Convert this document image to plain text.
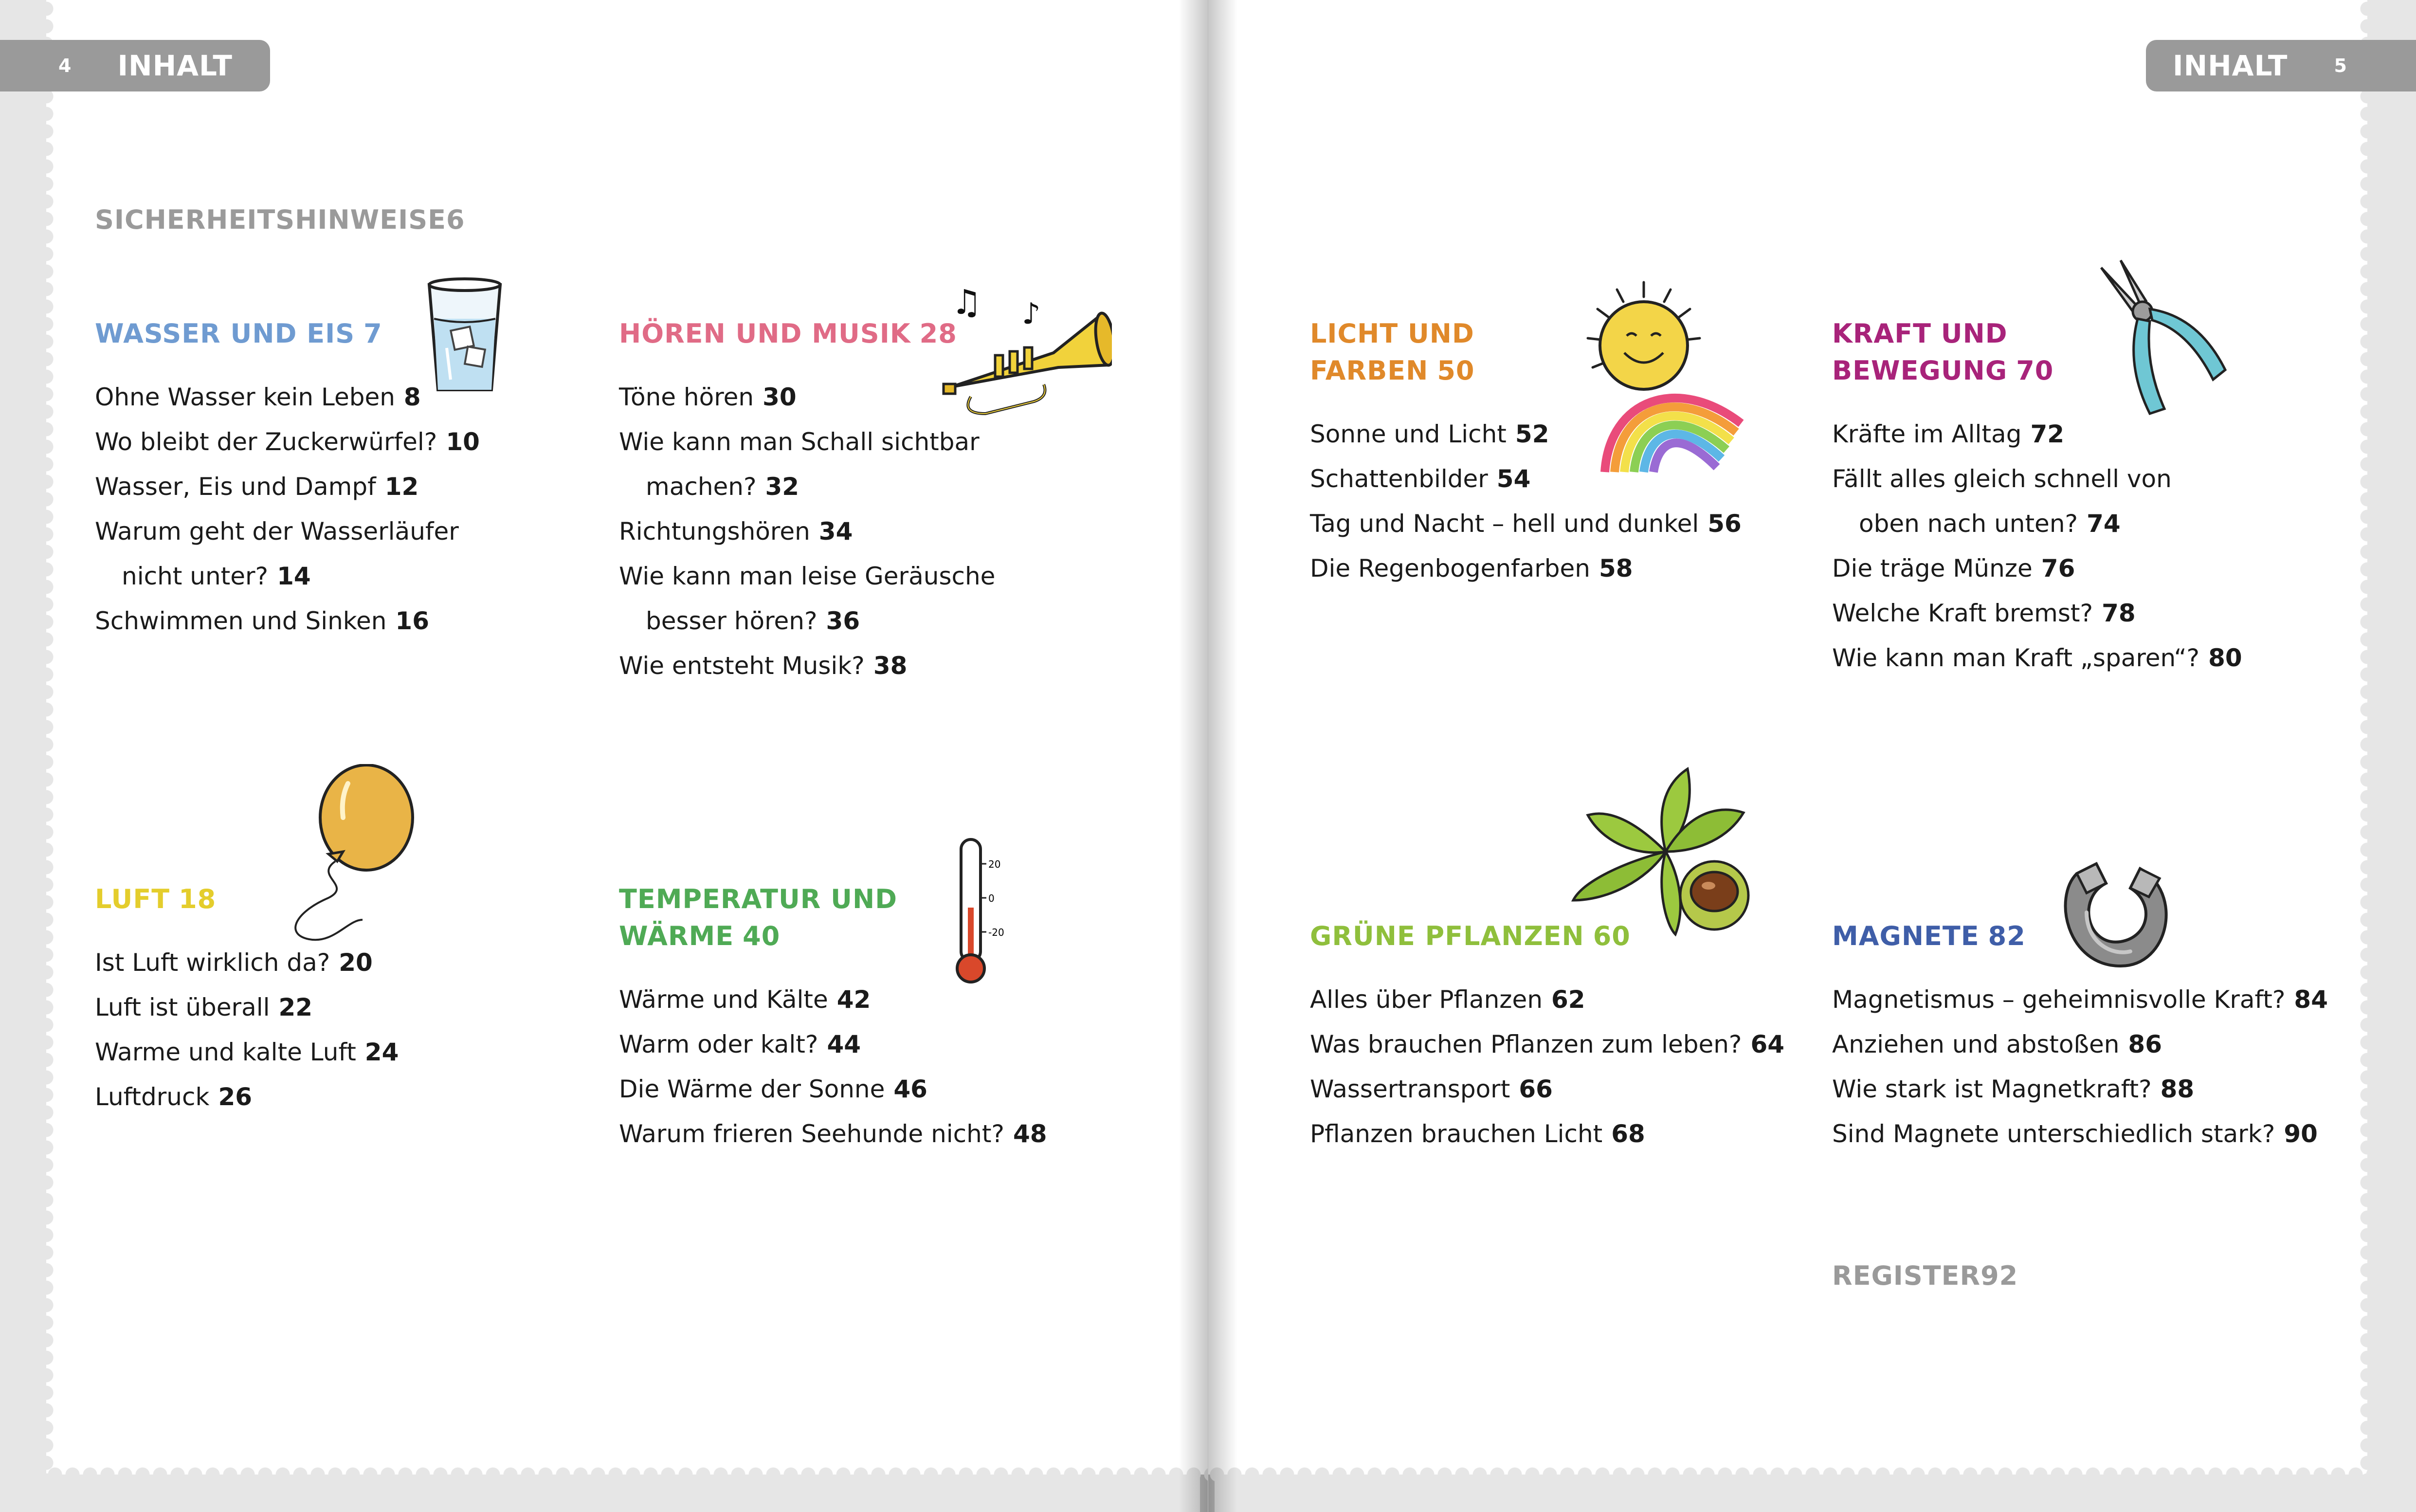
4 INHALT
SICHERHEITSHINWEISE6
WASSER UND EIS 7
Ohne Wasser kein Leben 8
Wo bleibt der Zuckerwürfel? 10
Wasser, Eis und Dampf 12
Warum geht der Wasserläufer
nicht unter? 14
Schwimmen und Sinken 16
HÖREN UND MUSIK 28
Töne hören 30
Wie kann man Schall sichtbar
machen? 32
Richtungshören 34
Wie kann man leise Geräusche
besser hören? 36
Wie entsteht Musik? 38
LUFT 18
Ist Luft wirklich da? 20
Luft ist überall 22
Warme und kalte Luft 24
Luftdruck 26
TEMPERATUR UND
WÄRME 40
Wärme und Kälte 42
Warm oder kalt? 44
Die Wärme der Sonne 46
Warum frieren Seehunde nicht? 48
♫ ♪
20
0
-20
INHALT	5
LICHT UND
FARBEN 50
Sonne und Licht 52
Schattenbilder 54
Tag und Nacht – hell und dunkel 56
Die Regenbogenfarben 58
KRAFT UND
BEWEGUNG 70
Kräfte im Alltag 72
Fällt alles gleich schnell von
oben nach unten? 74
Die träge Münze 76
Welche Kraft bremst? 78
Wie kann man Kraft „sparen“? 80
GRÜNE PFLANZEN 60
Alles über Pflanzen 62
Was brauchen Pflanzen zum leben? 64
Wassertransport 66
Pflanzen brauchen Licht 68
MAGNETE 82
Magnetismus – geheimnisvolle Kraft? 84
Anziehen und abstoßen 86
Wie stark ist Magnetkraft? 88
Sind Magnete unterschiedlich stark? 90
REGISTER92
